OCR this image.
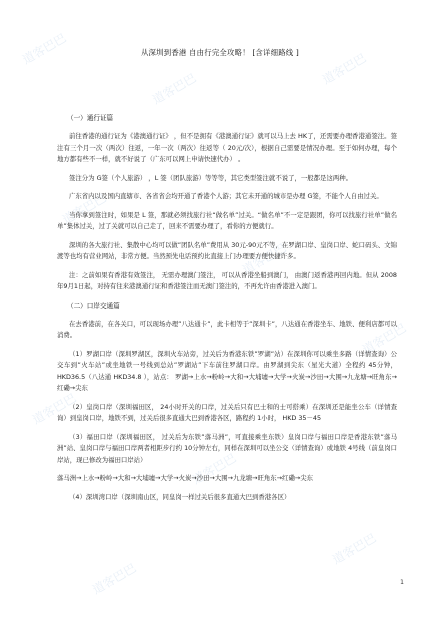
道客巴巴
道客巴巴
道客巴巴
道客巴巴
道客巴巴
道客巴巴
道客巴巴
道客巴巴
道客巴巴
道客巴巴
从深圳到香港 自由行完全攻略！ [含详细路线 ]
（一）通行证篇

前往香港的通行证为《港澳通行证》 ，但不是拥有《港澳通行证》就可以马上去 HK了，还需要办理香港通签注。签注有三个月一次（两次）往返，一年一次（两次）往返等（ 20元/次），根据自己需要是情况办理。至于如何办理，每个地方都有些不一样，就不好说了（广东可以网上申请快速代办） 。

签注分为 G签（个人旅游） ，L 签（团队旅游）等等等，其它类型签注就不说了，一般都是这两种。

广东省内以及国内直辖市、各省省会均开通了香港个人游；其它未开通的城市是办理 G签，不能个人自由过关。

当你拿到签注时，如果是 L 签，那就必须找旅行社“做名单”过关。“做名单”不一定是跟团，你可以找旅行社单”做名单”集体过关，过了关就可以自己走了，回来不需要办理了，看你的方便就行。

深圳的各大旅行社、集散中心均可以做”团队名单”费用从 30元-90元不等，在罗湖口岸、皇岗口岸、蛇口码头、文锦渡等也均有营业网站，非常方便。当然预先电话预约比直接上门办理要方便快捷许多。

注：之前如果有香港有效签注， 无需办理澳门签注， 可以从香港坐船到澳门， 由澳门返香港再回内地。但从 2008年9月1日起，对持有往来港澳通行证和香港签注而无澳门签注的，不再允许由香港进入澳门。

（二）口岸交通篇

在去香港前，在各关口，可以现场办理”八达通卡”，此卡相等于”深圳卡”，八达通在香港坐车、地铁、便利店都可以消费。

（1）罗湖口岸（深圳罗湖区，深圳火车站旁，过关后为香港东铁”罗湖”站）在深圳你可以乘坐多路（详情查询）公交车到”火车站”或坐地铁一号线到总站”罗湖站”下车前往罗湖口岸。由罗湖到尖东（星光大道）全程约 45分钟， HKD36.5（八达通 HKD34.8 ），站点： 罗湖→上水→粉岭→大和→大埔墟→大学→火炭→沙田→大围→九龙塘→旺角东→红磡→尖东

（2）皇岗口岸（深圳福田区， 24小时开关的口岸，过关后只有巴士和的士可搭乘）在深圳还是能坐公车（详情查询）到皇岗口岸，地铁不到，过关后很多直通大巴到香港各区，路程约 1小时， HKD 35－45

（3）福田口岸（深圳福田区， 过关后为东铁”落马洲”，可直接乘坐东铁）皇岗口岸与福田口岸是香港东铁”落马洲”站、皇岗口岸与福田口岸两者相距步行约 10分钟左右，同样在深圳可以坐公交（详情查询）或地铁 4号线（前皇岗口岸站，现已修改为福田口岸站）

落马洲→上水→粉岭→大和→大埔墟→大学→火炭→沙田→大围→九龙塘→旺角东→红磡→尖东

（4）深圳湾口岸（深圳南山区，同皇岗一样过关后很多直通大巴到香港各区）

1
